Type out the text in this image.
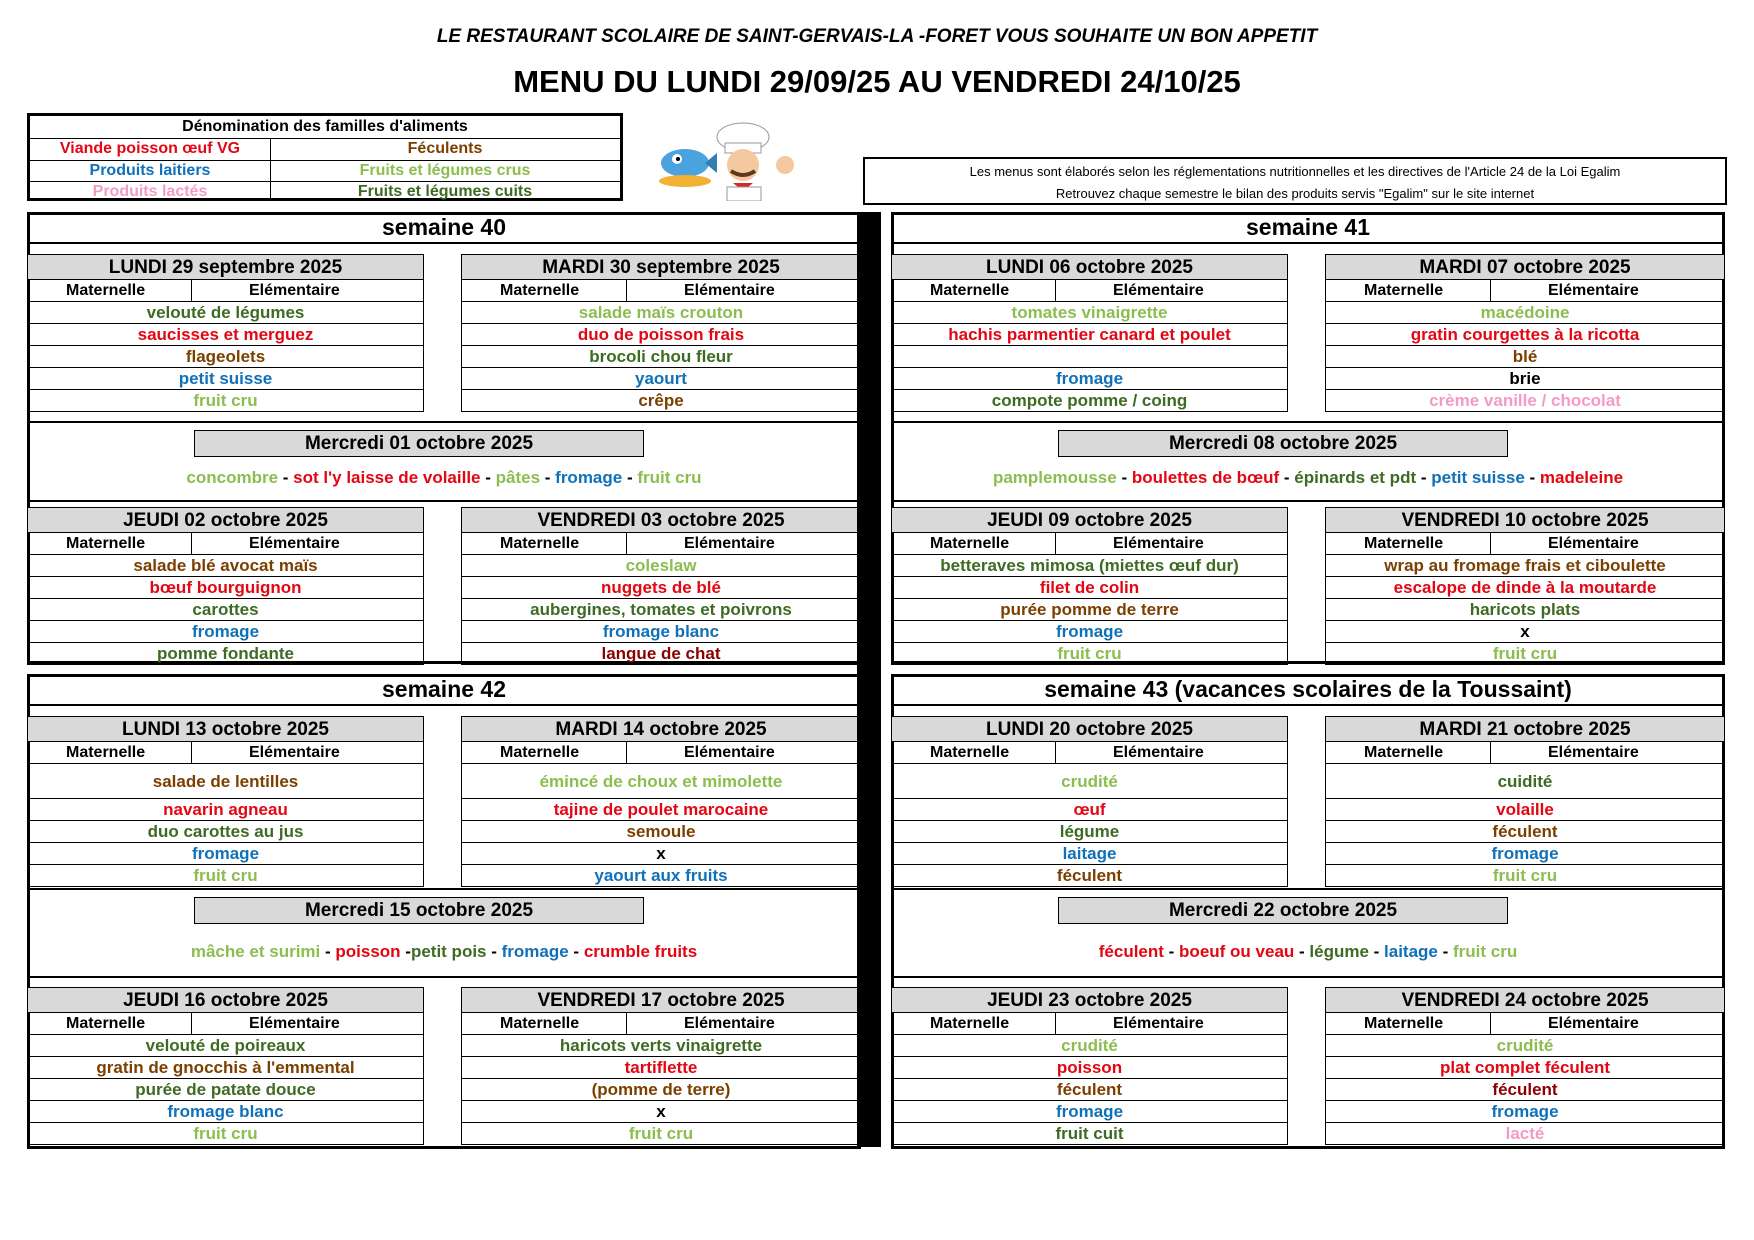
LE RESTAURANT SCOLAIRE DE SAINT-GERVAIS-LA -FORET VOUS SOUHAITE UN BON APPETIT
MENU DU LUNDI 29/09/25 AU VENDREDI 24/10/25
Dénomination des familles d'aliments
Viande poisson œuf VG	Féculents
Produits laitiers	Fruits et légumes crus
Produits lactés	Fruits et légumes cuits
Les menus sont élaborés selon les réglementations nutritionnelles et les directives de l'Article 24 de la Loi Egalim
Retrouvez chaque semestre le bilan des produits servis "Egalim" sur le site internet
semaine 40
LUNDI 29 septembre 2025
Maternelle	Elémentaire
velouté de légumes
saucisses et merguez
flageolets
petit suisse
fruit cru
MARDI 30 septembre 2025
Maternelle	Elémentaire
salade maïs crouton
duo de poisson frais
brocoli chou fleur
yaourt
crêpe
Mercredi 01 octobre 2025
concombre - sot l'y laisse de volaille - pâtes - fromage - fruit cru
JEUDI 02 octobre 2025
Maternelle	Elémentaire
salade blé avocat maïs
bœuf bourguignon
carottes
fromage
pomme fondante
VENDREDI 03 octobre 2025
Maternelle	Elémentaire
coleslaw
nuggets de blé
aubergines, tomates et poivrons
fromage blanc
langue de chat
semaine 41
LUNDI 06 octobre 2025
Maternelle	Elémentaire
tomates vinaigrette
hachis parmentier canard et poulet
fromage
compote pomme / coing
MARDI 07 octobre 2025
Maternelle	Elémentaire
macédoine
gratin courgettes à la ricotta
blé
brie
crème vanille / chocolat
Mercredi 08 octobre 2025
pamplemousse - boulettes de bœuf - épinards et pdt - petit suisse - madeleine
JEUDI 09 octobre 2025
Maternelle	Elémentaire
betteraves mimosa (miettes œuf dur)
filet de colin
purée pomme de terre
fromage
fruit cru
VENDREDI 10 octobre 2025
Maternelle	Elémentaire
wrap au fromage frais et ciboulette
escalope de dinde à la moutarde
haricots plats
x
fruit cru
semaine 42
LUNDI 13 octobre 2025
Maternelle	Elémentaire
salade de lentilles
navarin agneau
duo carottes au jus
fromage
fruit cru
MARDI 14 octobre 2025
Maternelle	Elémentaire
émincé de choux et mimolette
tajine de poulet marocaine
semoule
x
yaourt aux fruits
Mercredi 15 octobre 2025
mâche et surimi - poisson -petit pois - fromage - crumble fruits
JEUDI 16 octobre 2025
Maternelle	Elémentaire
velouté de poireaux
gratin de gnocchis à l'emmental
purée de patate douce
fromage blanc
fruit cru
VENDREDI 17 octobre 2025
Maternelle	Elémentaire
haricots verts vinaigrette
tartiflette
(pomme de terre)
x
fruit cru
semaine 43 (vacances scolaires de la Toussaint)
LUNDI 20 octobre 2025
Maternelle	Elémentaire
crudité
œuf
légume
laitage
féculent
MARDI 21 octobre 2025
Maternelle	Elémentaire
cuidité
volaille
féculent
fromage
fruit cru
Mercredi 22 octobre 2025
féculent - boeuf ou veau - légume - laitage - fruit cru
JEUDI 23 octobre 2025
Maternelle	Elémentaire
crudité
poisson
féculent
fromage
fruit cuit
VENDREDI 24 octobre 2025
Maternelle	Elémentaire
crudité
plat complet féculent
féculent
fromage
lacté
